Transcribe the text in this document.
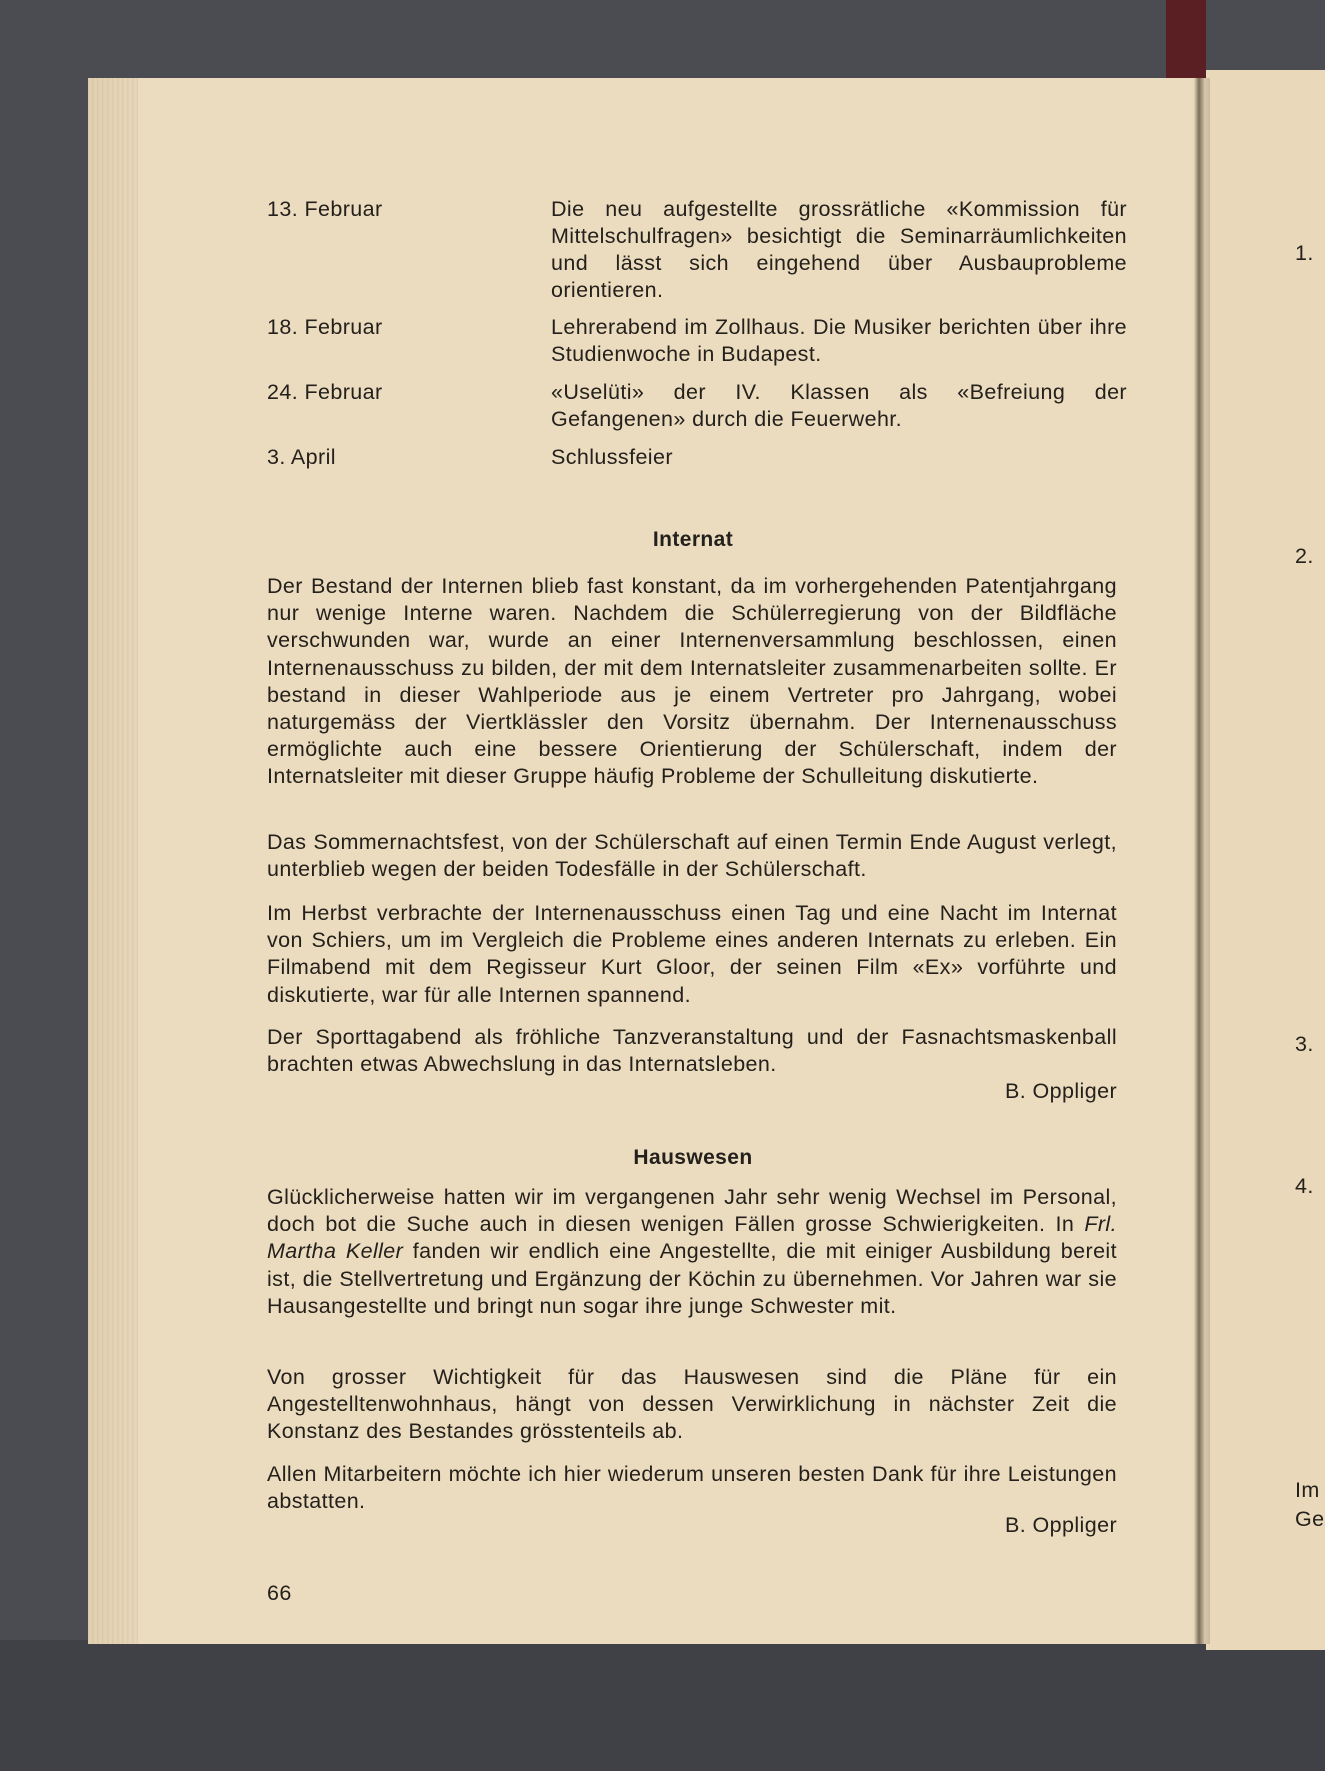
1.
2.
3.
4.
Im
Ge
13. Februar	Die neu aufgestellte grossrätliche «Kommission für Mittelschulfragen» besichtigt die Seminarräumlichkeiten und lässt sich eingehend über Ausbauprobleme orientieren.
18. Februar	Lehrerabend im Zollhaus. Die Musiker berichten über ihre Studienwoche in Budapest.
24. Februar	«Uselüti» der IV. Klassen als «Befreiung der Gefangenen» durch die Feuerwehr.
3. April	Schlussfeier
Internat
Der Bestand der Internen blieb fast konstant, da im vorhergehenden Patentjahrgang nur wenige Interne waren. Nachdem die Schülerregierung von der Bildfläche verschwunden war, wurde an einer Internenversammlung beschlossen, einen Internenausschuss zu bilden, der mit dem Internatsleiter zusammenarbeiten sollte. Er bestand in dieser Wahlperiode aus je einem Vertreter pro Jahrgang, wobei naturgemäss der Viertklässler den Vorsitz übernahm. Der Internenausschuss ermöglichte auch eine bessere Orientierung der Schülerschaft, indem der Internatsleiter mit dieser Gruppe häufig Probleme der Schulleitung diskutierte.
Das Sommernachtsfest, von der Schülerschaft auf einen Termin Ende August verlegt, unterblieb wegen der beiden Todesfälle in der Schülerschaft.
Im Herbst verbrachte der Internenausschuss einen Tag und eine Nacht im Internat von Schiers, um im Vergleich die Probleme eines anderen Internats zu erleben. Ein Filmabend mit dem Regisseur Kurt Gloor, der seinen Film «Ex» vorführte und diskutierte, war für alle Internen spannend.
Der Sporttagabend als fröhliche Tanzveranstaltung und der Fasnachtsmaskenball brachten etwas Abwechslung in das Internatsleben.
B. Oppliger
Hauswesen
Glücklicherweise hatten wir im vergangenen Jahr sehr wenig Wechsel im Personal, doch bot die Suche auch in diesen wenigen Fällen grosse Schwierigkeiten. In Frl. Martha Keller fanden wir endlich eine Angestellte, die mit einiger Ausbildung bereit ist, die Stellvertretung und Ergänzung der Köchin zu übernehmen. Vor Jahren war sie Hausangestellte und bringt nun sogar ihre junge Schwester mit.
Von grosser Wichtigkeit für das Hauswesen sind die Pläne für ein Angestelltenwohnhaus, hängt von dessen Verwirklichung in nächster Zeit die Konstanz des Bestandes grösstenteils ab.
Allen Mitarbeitern möchte ich hier wiederum unseren besten Dank für ihre Leistungen abstatten.
B. Oppliger
66
